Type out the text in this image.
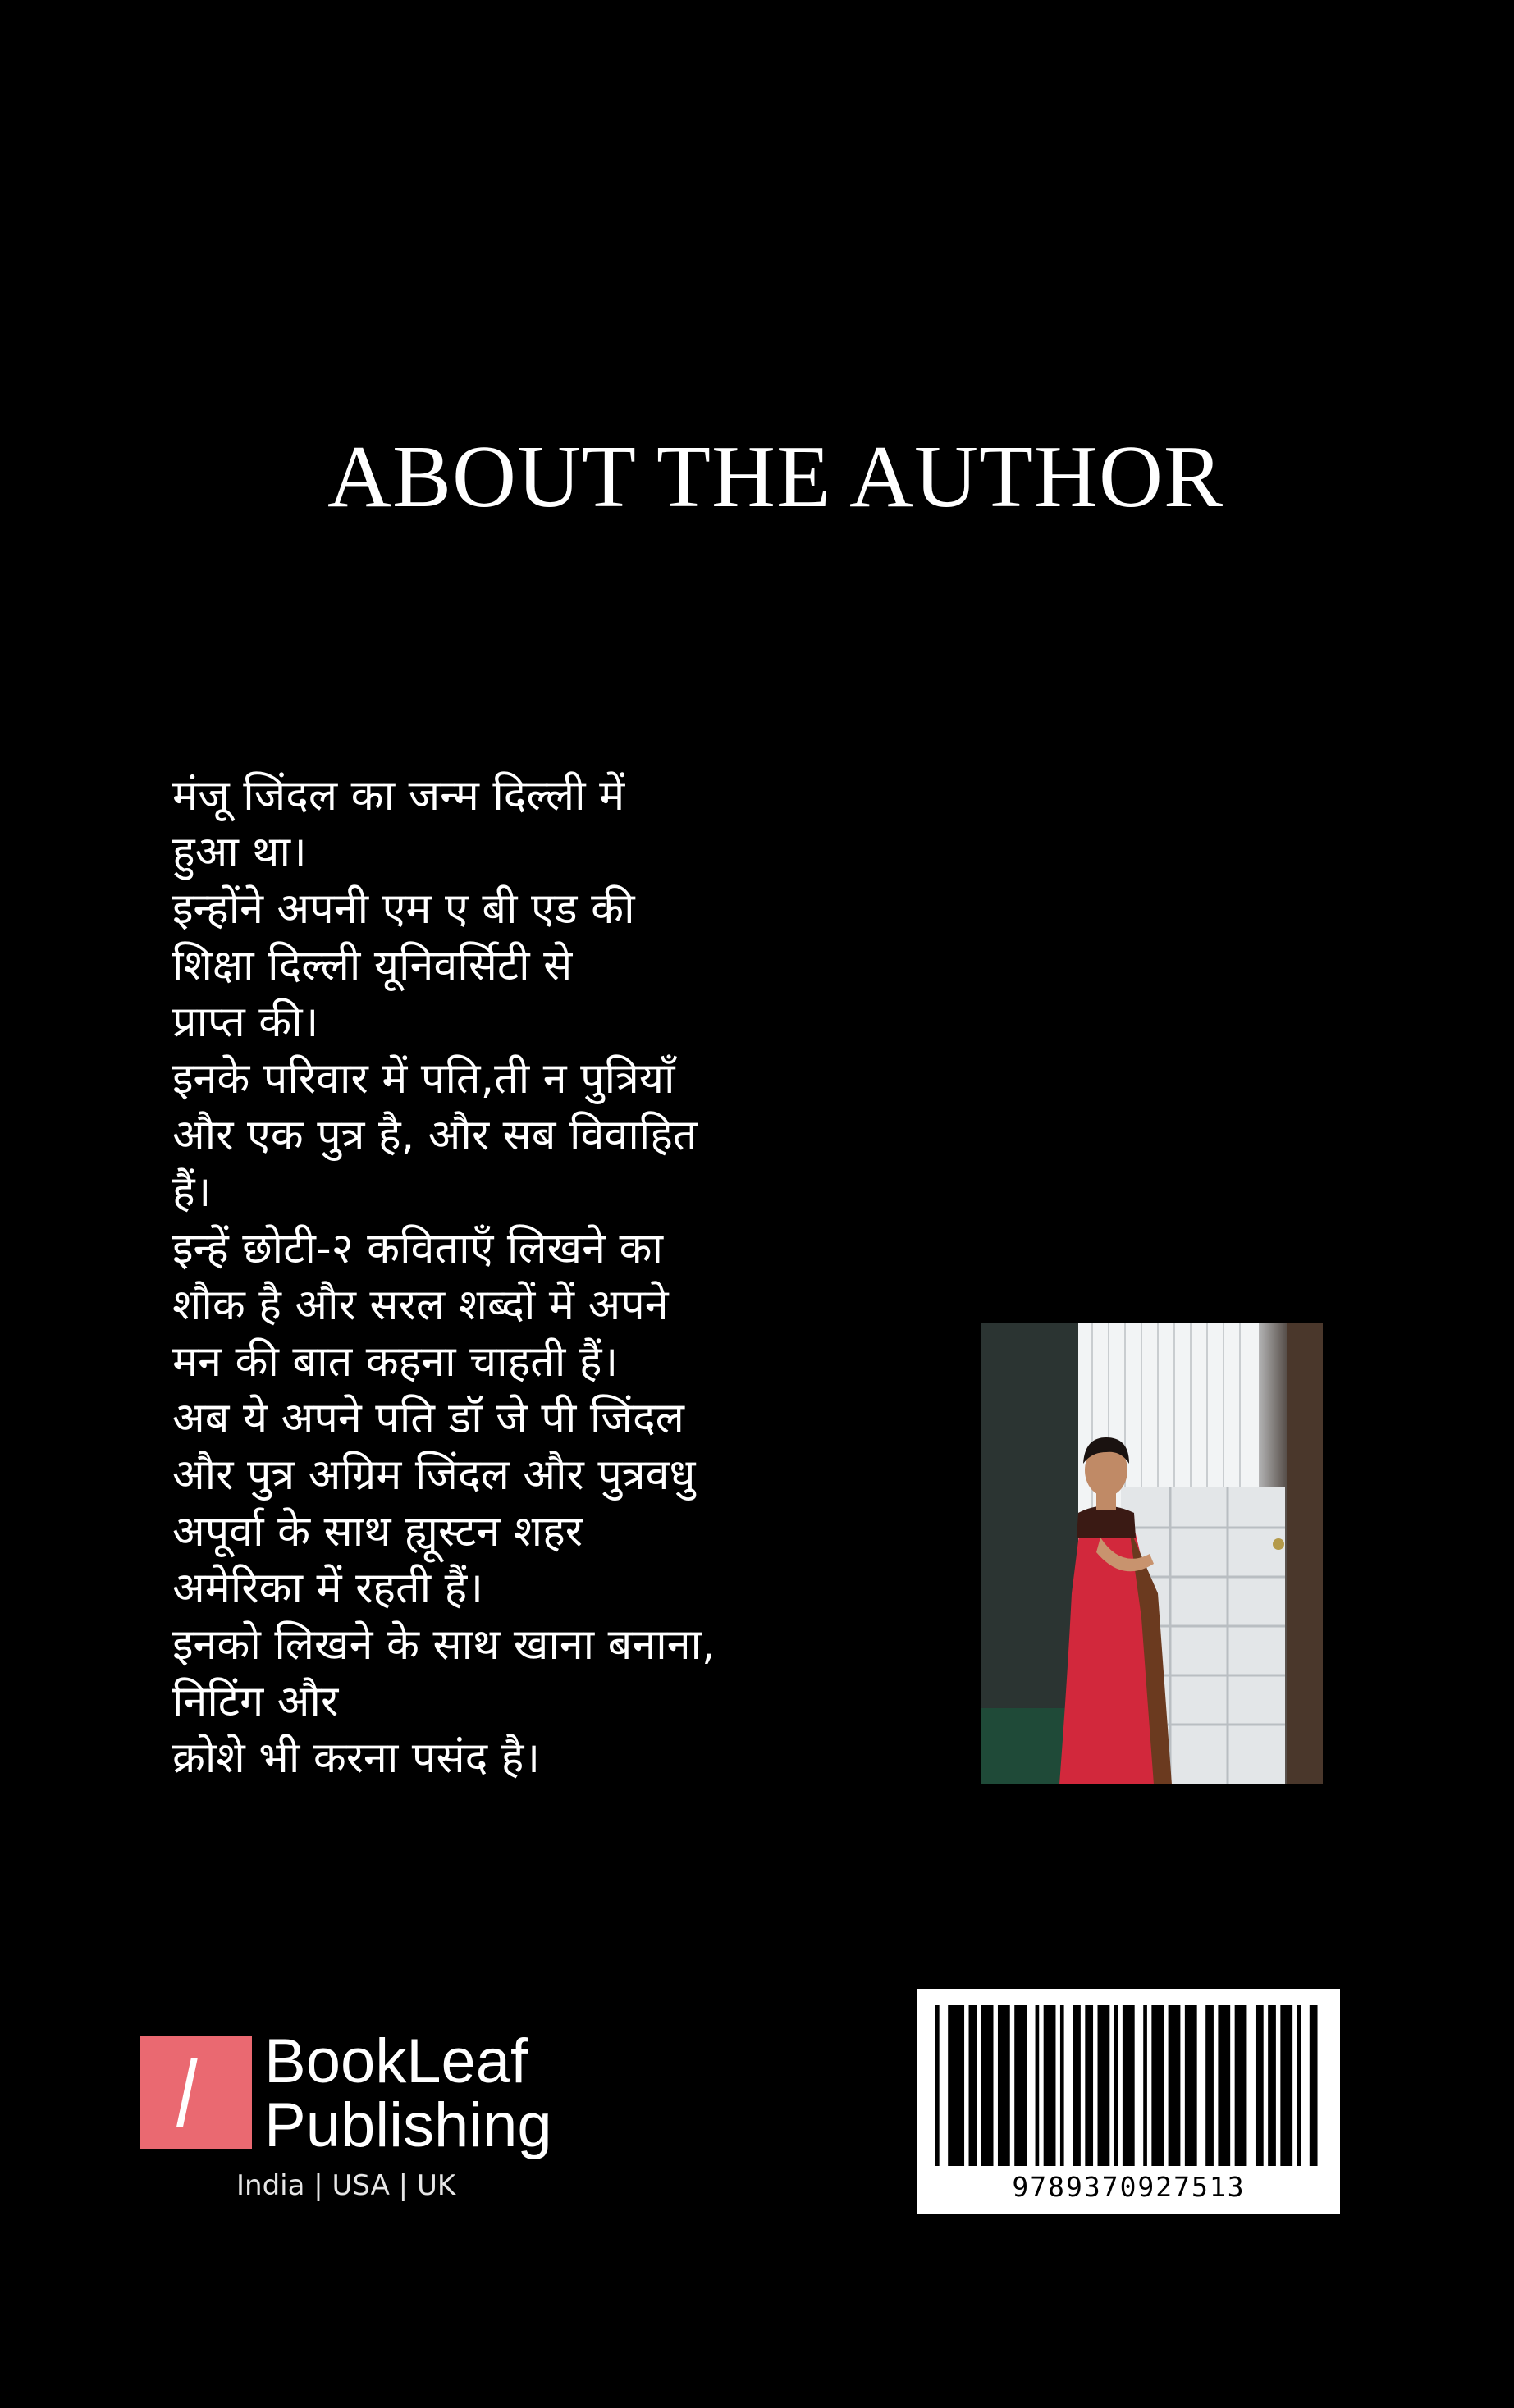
ABOUT THE AUTHOR
मंजू जिंदल का जन्म दिल्ली में
हुआ था।
इन्होंने अपनी एम ए बी एड की
शिक्षा दिल्ली यूनिवर्सिटी से
प्राप्त की।
इनके परिवार में पति,ती न पुत्रियाँ
और एक पुत्र है, और सब विवाहित
हैं।
इन्हें छोटी-२ कविताएँ लिखने का
शौक है और सरल शब्दों में अपने
मन की बात कहना चाहती हैं।
अब ये अपने पति डॉ जे पी जिंदल
और पुत्र अग्रिम जिंदल और पुत्रवधु
अपूर्वा के साथ ह्यूस्टन शहर
अमेरिका में रहती हैं।
इनको लिखने के साथ खाना बनाना,
निटिंग और
क्रोशे भी करना पसंद है।
BookLeaf
Publishing
India | USA | UK	9789370927513
